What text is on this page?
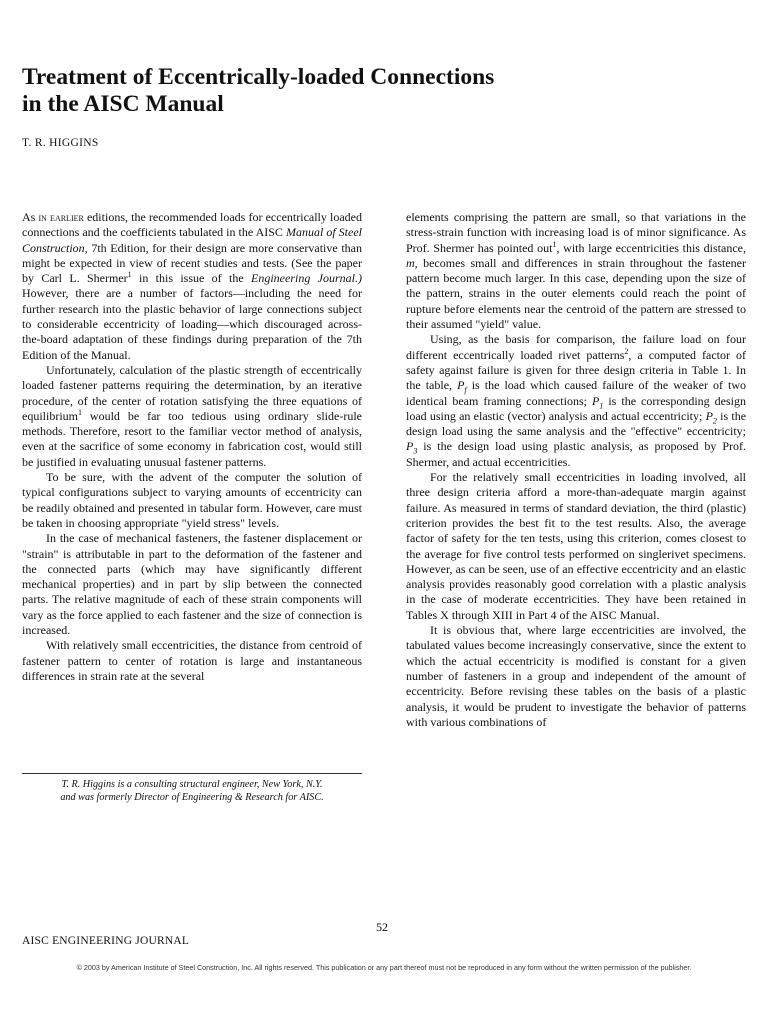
Treatment of Eccentrically-loaded Connections
in the AISC Manual

T. R. HIGGINS

As in earlier editions, the recommended loads for eccentrically loaded connections and the coefficients tabulated in the AISC Manual of Steel Construction, 7th Edition, for their design are more conservative than might be expected in view of recent studies and tests. (See the paper by Carl L. Shermer$^1$ in this issue of the Engineering Journal.) However, there are a number of factors—including the need for further research into the plastic behavior of large connections subject to considerable eccentricity of loading—which discouraged across-the-board adaptation of these findings during preparation of the 7th Edition of the Manual.

Unfortunately, calculation of the plastic strength of eccentrically loaded fastener patterns requiring the determination, by an iterative procedure, of the center of rotation satisfying the three equations of equilibrium$^1$ would be far too tedious using ordinary slide-rule methods. Therefore, resort to the familiar vector method of analysis, even at the sacrifice of some economy in fabrication cost, would still be justified in evaluating unusual fastener patterns.

To be sure, with the advent of the computer the solution of typical configurations subject to varying amounts of eccentricity can be readily obtained and presented in tabular form. However, care must be taken in choosing appropriate "yield stress" levels.

In the case of mechanical fasteners, the fastener displacement or "strain" is attributable in part to the deformation of the fastener and the connected parts (which may have significantly different mechanical properties) and in part by slip between the connected parts. The relative magnitude of each of these strain components will vary as the force applied to each fastener and the size of connection is increased.

With relatively small eccentricities, the distance from centroid of fastener pattern to center of rotation is large and instantaneous differences in strain rate at the several

T. R. Higgins is a consulting structural engineer, New York, N.Y.
and was formerly Director of Engineering & Research for AISC.

elements comprising the pattern are small, so that variations in the stress-strain function with increasing load is of minor significance. As Prof. Shermer has pointed out$^1$, with large eccentricities this distance, m, becomes small and differences in strain throughout the fastener pattern become much larger. In this case, depending upon the size of the pattern, strains in the outer elements could reach the point of rupture before elements near the centroid of the pattern are stressed to their assumed "yield" value.

Using, as the basis for comparison, the failure load on four different eccentrically loaded rivet patterns$^2$, a computed factor of safety against failure is given for three design criteria in Table 1. In the table, $P_f$ is the load which caused failure of the weaker of two identical beam framing connections; $P_1$ is the corresponding design load using an elastic (vector) analysis and actual eccentricity; $P_2$ is the design load using the same analysis and the "effective" eccentricity; $P_3$ is the design load using plastic analysis, as proposed by Prof. Shermer, and actual eccentricities.

For the relatively small eccentricities in loading involved, all three design criteria afford a more-than-adequate margin against failure. As measured in terms of standard deviation, the third (plastic) criterion provides the best fit to the test results. Also, the average factor of safety for the ten tests, using this criterion, comes closest to the average for five control tests performed on singlerivet specimens. However, as can be seen, use of an effective eccentricity and an elastic analysis provides reasonably good correlation with a plastic analysis in the case of moderate eccentricities. They have been retained in Tables X through XIII in Part 4 of the AISC Manual.

It is obvious that, where large eccentricities are involved, the tabulated values become increasingly conservative, since the extent to which the actual eccentricity is modified is constant for a given number of fasteners in a group and independent of the amount of eccentricity. Before revising these tables on the basis of a plastic analysis, it would be prudent to investigate the behavior of patterns with various combinations of

52
AISC ENGINEERING JOURNAL
© 2003 by American Institute of Steel Construction, Inc. All rights reserved. This publication or any part thereof must not be reproduced in any form without the written permission of the publisher.
